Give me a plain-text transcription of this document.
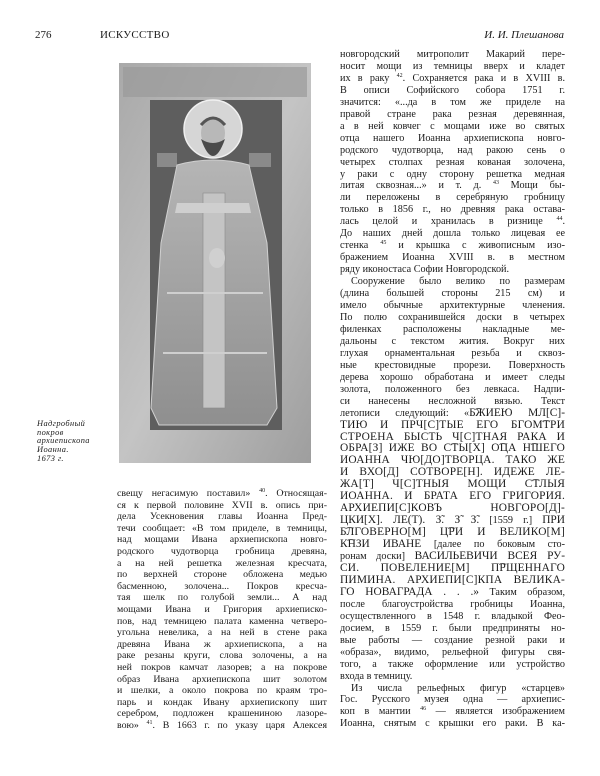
276	ИСКУССТВО	И. И. Плешанова
Надгробный
покров
архиепископа
Иоанна.
1673 г.
свещу негасимую поставил» $^{40}$. Относящая-
ся к первой половине XVII в. опись при-
дела Усекновения главы Иоанна Пред-
течи сообщает: «В том приделе, в темницы,
над мощами Ивана архиепископа новго-
родского чудотворца гробница древяна,
а на ней решетка железная кресчата,
по верхней стороне обложена медью
басменною, золочена... Покров кресча-
тая шелк по голубой земли... А над
мощами Ивана и Григория архиеписко-
пов, над темницею палата каменна четверо-
угольна невелика, а на ней в стене рака
древяна Ивана ж архиепископа, а на
раке резаны круги, слова золочены, а на
ней покров камчат лазорев; а на покрове
образ Ивана архиепископа шит золотом
и шелки, а около покрова по краям тро-
парь и кондак Ивану архиепископу шит
серебром, подложен крашениною лазоре-
вою» $^{41}$. В 1663 г. по указу царя Алексея
новгородский митрополит Макарий пере-
носит мощи из темницы вверх и кладет
их в раку $^{42}$. Сохраняется рака и в XVIII в.
В описи Софийского собора 1751 г.
значится: «...да в том же приделе на
правой стране рака резная деревянная,
а в ней ковчег с мощами иже во святых
отца нашего Иоанна архиепископа новго-
родского чудотворца, над ракою сень о
четырех столпах резная кованая золочена,
у раки с одну сторону решетка медная
литая сквозная...» и т. д. $^{43}$ Мощи бы-
ли переложены в серебряную гробницу
только в 1856 г., но древняя рака остава-
лась целой и хранилась в ризнице $^{44}$.
До наших дней дошла только лицевая ее
стенка $^{45}$ и крышка с живописным изо-
бражением Иоанна XVIII в. в местном
ряду иконостаса Софии Новгородской.
Сооружение было велико по размерам
(длина большей стороны 215 см) и
имело обычные архитектурные членения.
По полю сохранившейся доски в четырех
филенках расположены накладные ме-
дальоны с текстом жития. Вокруг них
глухая орнаментальная резьба и сквоз-
ные крестовидные прорези. Поверхность
дерева хорошо обработана и имеет следы
золота, положенного без левкаса. Надпи-
си нанесены несложной вязью. Текст
летописи следующий: «Б͡ЖИЕЮ МЛ[С]-
ТИЮ И ПРЧ[С]ТЫЕ ЕГО БГОМ͡ТРИ
СТРОЕНА БЫСТЬ Ч[С]ТНАЯ РАКА И
ОБРА[З] ИЖЕ ВО С͡ТЫ[Х] О͡ЦА Н͡ШЕГО
ИОАННА ЧЮ[ДО]ТВОРЦА. ТАКО ЖЕ
И ВХО[Д] СОТВОРЕ[Н]. ИДЕЖЕ ЛЕ-
ЖА[Т] Ч[С]ТНЫЯ МОЩИ С͡ТЛЫЯ
ИОАННА. И БРАТА ЕГО ГРИГОРИЯ.
АРХИЕПИ[С]КОВЪ НОВГОРО[Д]-
ЦКИ[Х]. ЛЕ(Т). З̃. З̃ З̃. [1559 г.] ПРИ
Б͡ЛГОВЕРНО[М] Ц͡РИ И ВЕЛИКО[М]
К͡НЗИ ИВАНЕ [далее по боковым сто-
ронам доски] ВАСИЛЬЕВИЧИ ВСЕЯ РУ-
СИ. ПОВЕЛЕНИЕ[М] П͡РЩЕННАГО
ПИМИНА. АРХИЕПИ[С]КПА ВЕЛИКА-
ГО НОВАГРАДА . . .» Таким образом,
после благоустройства гробницы Иоанна,
осуществленного в 1548 г. владыкой Фео-
досием, в 1559 г. были предприняты но-
вые работы — создание резной раки и
«образа», видимо, рельефной фигуры свя-
того, а также оформление или устройство
входа в темницу.
Из числа рельефных фигур «старцев»
Гос. Русского музея одна — архиепис-
коп в мантии $^{46}$ — является изображением
Иоанна, снятым с крышки его раки. В ка-
